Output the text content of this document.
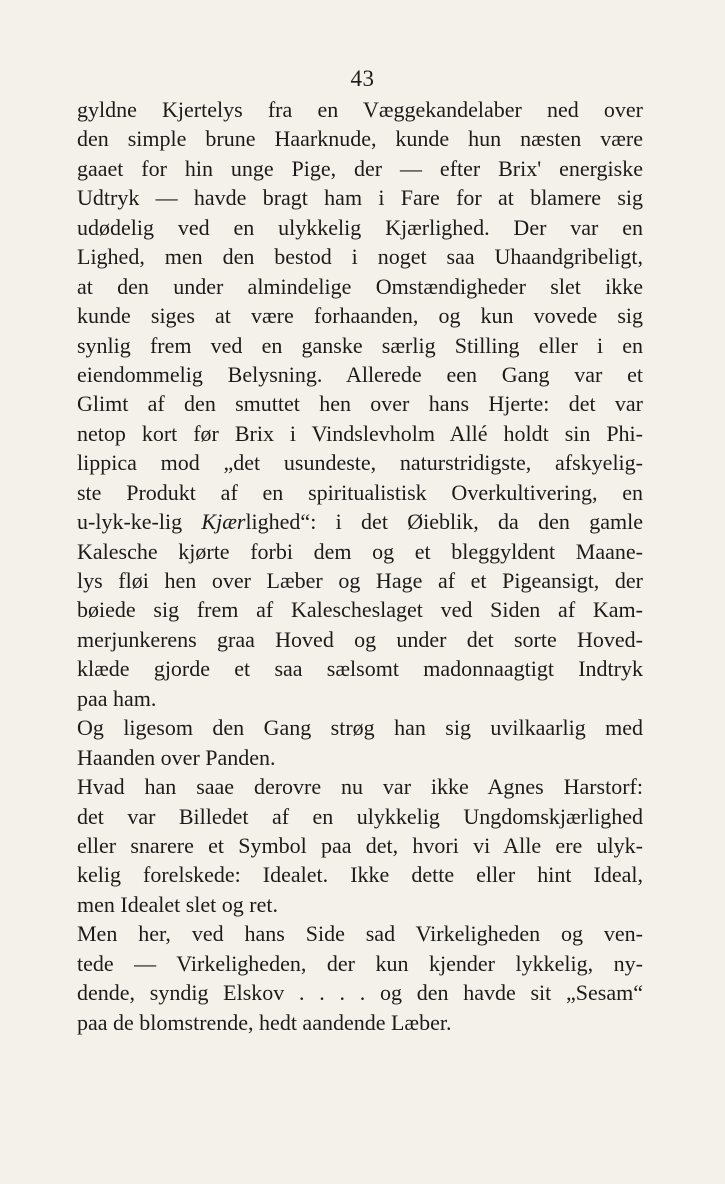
43
gyldne Kjertelys fra en Væggekandelaber ned over
den simple brune Haarknude, kunde hun næsten være
gaaet for hin unge Pige, der — efter Brix' energiske
Udtryk — havde bragt ham i Fare for at blamere sig
udødelig ved en ulykkelig Kjærlighed. Der var en
Lighed, men den bestod i noget saa Uhaandgribeligt,
at den under almindelige Omstændigheder slet ikke
kunde siges at være forhaanden, og kun vovede sig
synlig frem ved en ganske særlig Stilling eller i en
eiendommelig Belysning. Allerede een Gang var et
Glimt af den smuttet hen over hans Hjerte: det var
netop kort før Brix i Vindslevholm Allé holdt sin Phi-
lippica mod „det usundeste, naturstridigste, afskyelig-
ste Produkt af en spiritualistisk Overkultivering, en
u-lyk-ke-lig Kjærlighed“: i det Øieblik, da den gamle
Kalesche kjørte forbi dem og et bleggyldent Maane-
lys fløi hen over Læber og Hage af et Pigeansigt, der
bøiede sig frem af Kalescheslaget ved Siden af Kam-
merjunkerens graa Hoved og under det sorte Hoved-
klæde gjorde et saa sælsomt madonnaagtigt Indtryk
paa ham.
Og ligesom den Gang strøg han sig uvilkaarlig med
Haanden over Panden.
Hvad han saae derovre nu var ikke Agnes Harstorf:
det var Billedet af en ulykkelig Ungdomskjærlighed
eller snarere et Symbol paa det, hvori vi Alle ere ulyk-
kelig forelskede: Idealet. Ikke dette eller hint Ideal,
men Idealet slet og ret.
Men her, ved hans Side sad Virkeligheden og ven-
tede — Virkeligheden, der kun kjender lykkelig, ny-
dende, syndig Elskov . . . . og den havde sit „Sesam“
paa de blomstrende, hedt aandende Læber.
